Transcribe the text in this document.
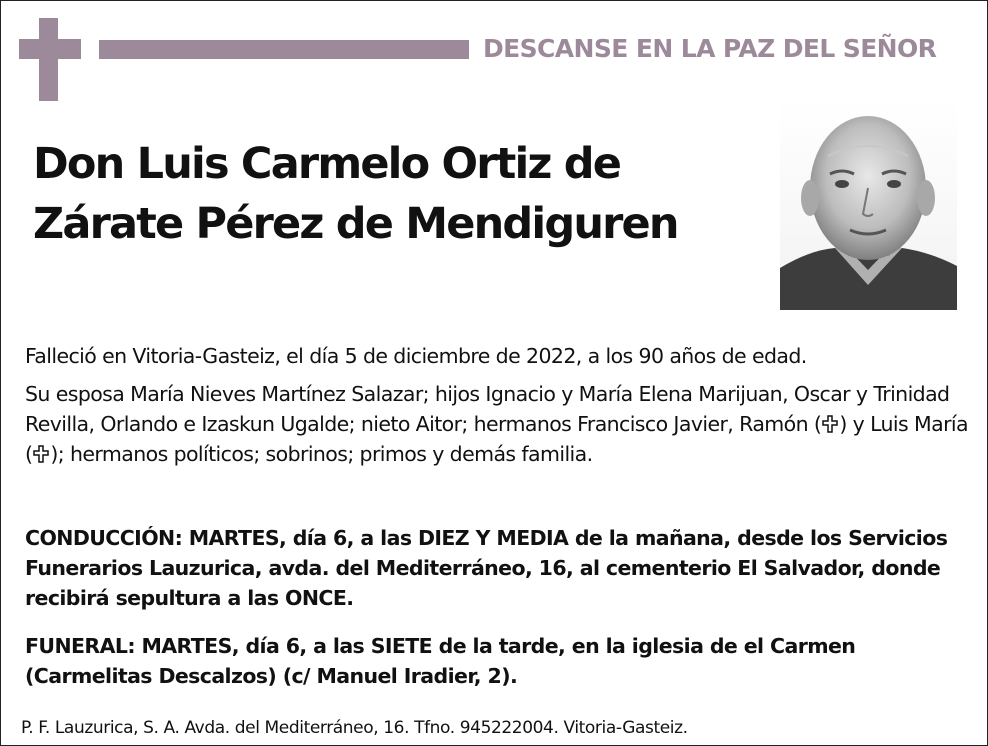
DESCANSE EN LA PAZ DEL SEÑOR
Don Luis Carmelo Ortiz de
Zárate Pérez de Mendiguren
Falleció en Vitoria-Gasteiz, el día 5 de diciembre de 2022, a los 90 años de edad.
Su esposa María Nieves Martínez Salazar; hijos Ignacio y María Elena Marijuan, Oscar y Trinidad Revilla, Orlando e Izaskun Ugalde; nieto Aitor; hermanos Francisco Javier, Ramón ( ) y Luis María ( ); hermanos políticos; sobrinos; primos y demás familia.
CONDUCCIÓN: MARTES, día 6, a las DIEZ Y MEDIA de la mañana, desde los Servicios Funerarios Lauzurica, avda. del Mediterráneo, 16, al cementerio El Salvador, donde recibirá sepultura a las ONCE.
FUNERAL: MARTES, día 6, a las SIETE de la tarde, en la iglesia de el Carmen (Carmelitas Descalzos) (c/ Manuel Iradier, 2).
P. F. Lauzurica, S. A. Avda. del Mediterráneo, 16. Tfno. 945222004. Vitoria-Gasteiz.
